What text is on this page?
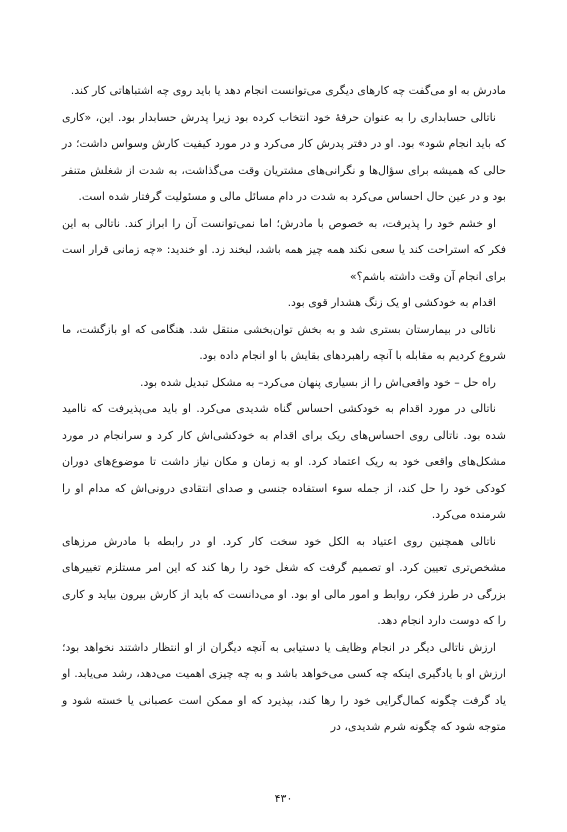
مادرش به او می‌گفت چه کارهای دیگری می‌توانست انجام دهد یا باید روی چه اشتباهاتی کار کند.

ناتالی حسابداری را به عنوان حرفهٔ خود انتخاب کرده بود زیرا پدرش حسابدار بود. این، «کاری که باید انجام شود» بود. او در دفتر پدرش کار می‌کرد و در مورد کیفیت کارش وسواس داشت؛ در حالی که همیشه برای سؤال‌ها و نگرانی‌های مشتریان وقت می‌گذاشت، به شدت از شغلش متنفر بود و در عین حال احساس می‌کرد به شدت در دام مسائل مالی و مسئولیت گرفتار شده است.

او خشم خود را پذیرفت، به خصوص با مادرش؛ اما نمی‌توانست آن را ابراز کند. ناتالی به این فکر که استراحت کند یا سعی نکند همه چیز همه باشد، لبخند زد. او خندید: «چه زمانی قرار است برای انجام آن وقت داشته باشم؟»

اقدام به خودکشی او یک زنگ هشدار قوی بود.

ناتالی در بیمارستان بستری شد و به بخش توان‌بخشی منتقل شد. هنگامی که او بازگشت، ما شروع کردیم به مقابله با آنچه راهبردهای بقایش با او انجام داده بود.

راه حل – خود واقعی‌اش را از بسیاری پنهان می‌کرد– به مشکل تبدیل شده بود.

ناتالی در مورد اقدام به خودکشی احساس گناه شدیدی می‌کرد. او باید می‌پذیرفت که ناامید شده بود. ناتالی روی احساس‌های ریک برای اقدام به خودکشی‌اش کار کرد و سرانجام در مورد مشکل‌های واقعی خود به ریک اعتماد کرد. او به زمان و مکان نیاز داشت تا موضوع‌های دوران کودکی خود را حل کند، از جمله سوء استفاده جنسی و صدای انتقادی درونی‌اش که مدام او را شرمنده می‌کرد.

ناتالی همچنین روی اعتیاد به الکل خود سخت کار کرد. او در رابطه با مادرش مرزهای مشخص‌تری تعیین کرد. او تصمیم گرفت که شغل خود را رها کند که این امر مستلزم تغییرهای بزرگی در طرز فکر، روابط و امور مالی او بود. او می‌دانست که باید از کارش بیرون بیاید و کاری را که دوست دارد انجام دهد.

ارزش ناتالی دیگر در انجام وظایف یا دستیابی به آنچه دیگران از او انتظار داشتند نخواهد بود؛ ارزش او با یادگیری اینکه چه کسی می‌خواهد باشد و به چه چیزی اهمیت می‌دهد، رشد می‌یابد. او یاد گرفت چگونه کمال‌گرایی خود را رها کند، بپذیرد که او ممکن است عصبانی یا خسته شود و متوجه شود که چگونه شرم شدیدی، در

۴۳۰
